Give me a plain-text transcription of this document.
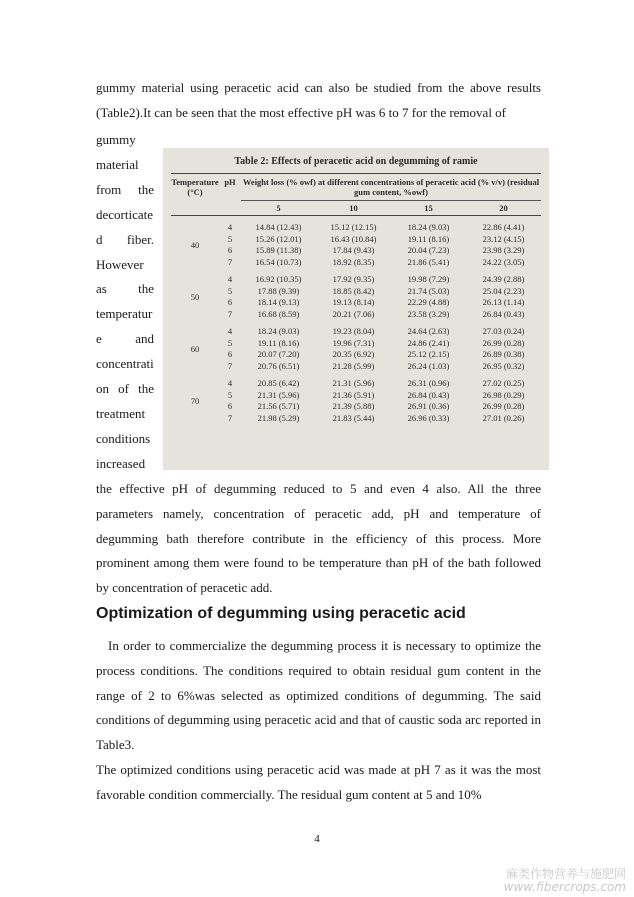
gummy material using peracetic acid can also be studied from the above results (Table2).It can be seen that the most effective pH was 6 to 7 for the removal of

gummy
material
from the
decorticate
d fiber.
However
as the
temperatur
e and
concentrati
on of the
treatment
conditions
increased
Table 2: Effects of peracetic acid on degumming of ramie
Temperature (°C)
pH Weight loss (% owf) at different concentrations of peracetic acid (% v/v) (residual gum content, %owf)
5	10	15	20
40
4	14.84 (12.43)	15.12 (12.15)	18.24 (9.03)	22.86 (4.41)
5	15.26 (12.01)	16.43 (10.84)	19.11 (8.16)	23.12 (4.15)
6	15.89 (11.38)	17.84 (9.43)	20.04 (7.23)	23.98 (3.29)
7	16.54 (10.73)	18.92 (8.35)	21.86 (5.41)	24.22 (3.05)
50
4	16.92 (10.35)	17.92 (9.35)	19.98 (7.29)	24.39 (2.88)
5	17.88 (9.39)	18.85 (8.42)	21.74 (5.03)	25.04 (2.23)
6	18.14 (9.13)	19.13 (8.14)	22.29 (4.88)	26.13 (1.14)
7	16.68 (8.59)	20.21 (7.06)	23.58 (3.29)	26.84 (0.43)
60
4	18.24 (9.03)	19.23 (8.04)	24.64 (2.63)	27.03 (0.24)
5	19.11 (8.16)	19.96 (7.31)	24.86 (2.41)	26.99 (0.28)
6	20.07 (7.20)	20.35 (6.92)	25.12 (2.15)	26.89 (0.38)
7	20.76 (6.51)	21.28 (5.99)	26.24 (1.03)	26.95 (0.32)
70
4	20.85 (6.42)	21.31 (5.96)	26.31 (0.96)	27.02 (0.25)
5	21.31 (5.96)	21.36 (5.91)	26.84 (0.43)	26.98 (0.29)
6	21.56 (5.71)	21.39 (5.88)	26.91 (0.36)	26.99 (0.28)
7	21.98 (5.29)	21.83 (5.44)	26.96 (0.33)	27.01 (0.26)

the effective pH of degumming reduced to 5 and even 4 also. All the three parameters namely, concentration of peracetic add, pH and temperature of degumming bath therefore contribute in the efficiency of this process. More prominent among them were found to be temperature than pH of the bath followed by concentration of peracetic add.

Optimization of degumming using peracetic acid

In order to commercialize the degumming process it is necessary to optimize the process conditions. The conditions required to obtain residual gum content in the range of 2 to 6%was selected as optimized conditions of degumming. The said conditions of degumming using peracetic acid and that of caustic soda arc reported in Table3.

The optimized conditions using peracetic acid was made at pH 7 as it was the most favorable condition commercially. The residual gum content at 5 and 10%

4
麻类作物营养与施肥网
www.fibercrops.com
